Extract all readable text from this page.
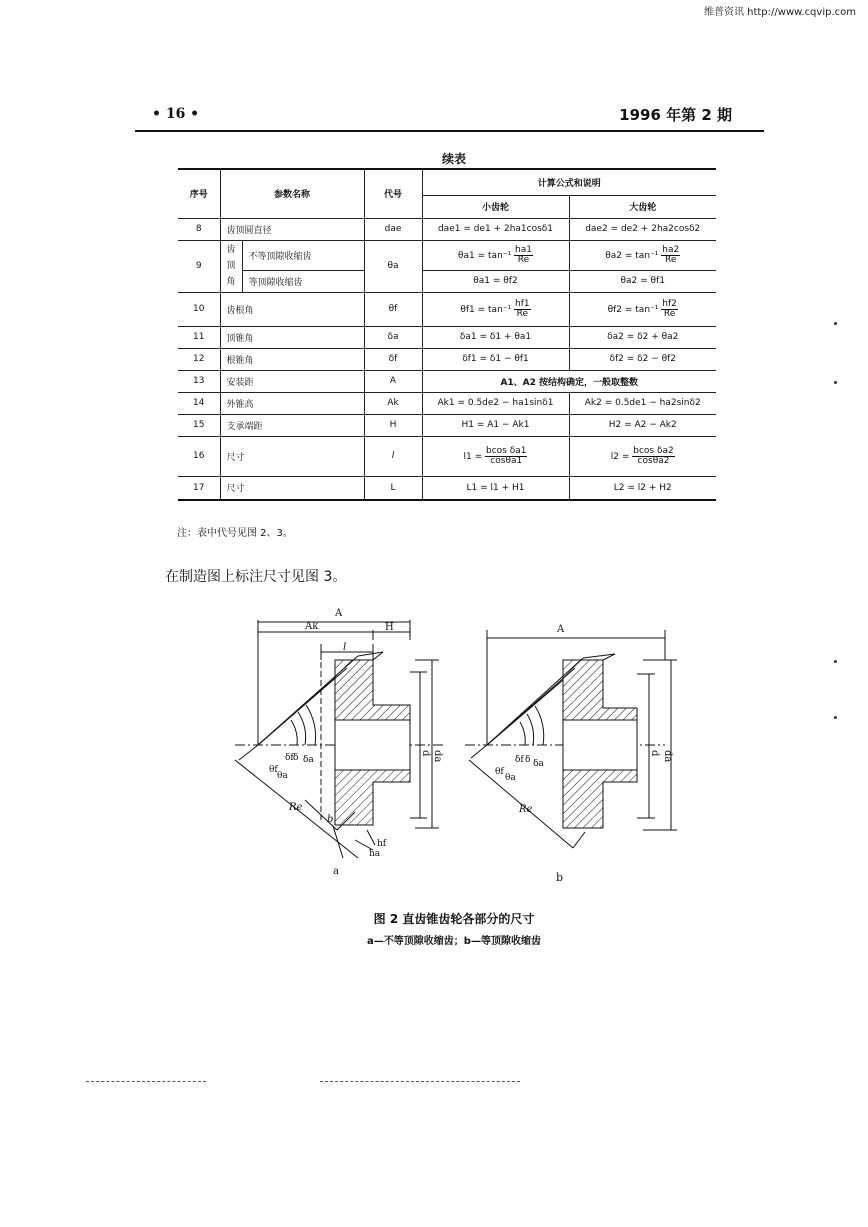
维普资讯 http://www.cqvip.com
• 16 •	1996 年第 2 期
续表
序号	参数名称		代号	计算公式和说明	
				小齿轮	大齿轮
8	齿顶圆直径		dae	dae1 = de1 + 2ha1cosδ1	dae2 = de2 + 2ha2cosδ2
9	齿
顶
角	不等顶隙收缩齿	θa	$\theta a1 = \tan^{-1} \frac{ha1}{Re}$	$\theta a2 = \tan^{-1} \frac{ha2}{Re}$

		等顶隙收缩齿		θa1 = θf2	θa2 = θf1
10	齿根角		θf	$\theta f1 = \tan^{-1} \frac{hf1}{Re}$	$\theta f2 = \tan^{-1} \frac{hf2}{Re}$

11	顶锥角		δa	δa1 = δ1 + θa1	δa2 = δ2 + θa2
12	根锥角		δf	δf1 = δ1 − θf1	δf2 = δ2 − θf2
13	安装距		A	A1、A2 按结构确定，一般取整数	
14	外锥高		Ak	Ak1 = 0.5de2 − ha1sinδ1	Ak2 = 0.5de1 − ha2sinδ2
15	支承端距		H	H1 = A1 − Ak1	H2 = A2 − Ak2
16	尺寸		l	$l1 = \frac{\text{bcos δa1}}{\cos\theta a1}$	$l2 = \frac{\text{bcos δa2}}{\cos\theta a2}$

17	尺寸		L	L1 = l1 + H1	L2 = l2 + H2
注：表中代号见图 2、3。
在制造图上标注尺寸见图 3。
A
Ak	H
l
d da
δf δ δa
θf
θa
Re
b
ha
hf
A
d da
δf δ δa
θf
θa
Re
a	b
图 2 直齿锥齿轮各部分的尺寸
a—不等顶隙收缩齿；b—等顶隙收缩齿
